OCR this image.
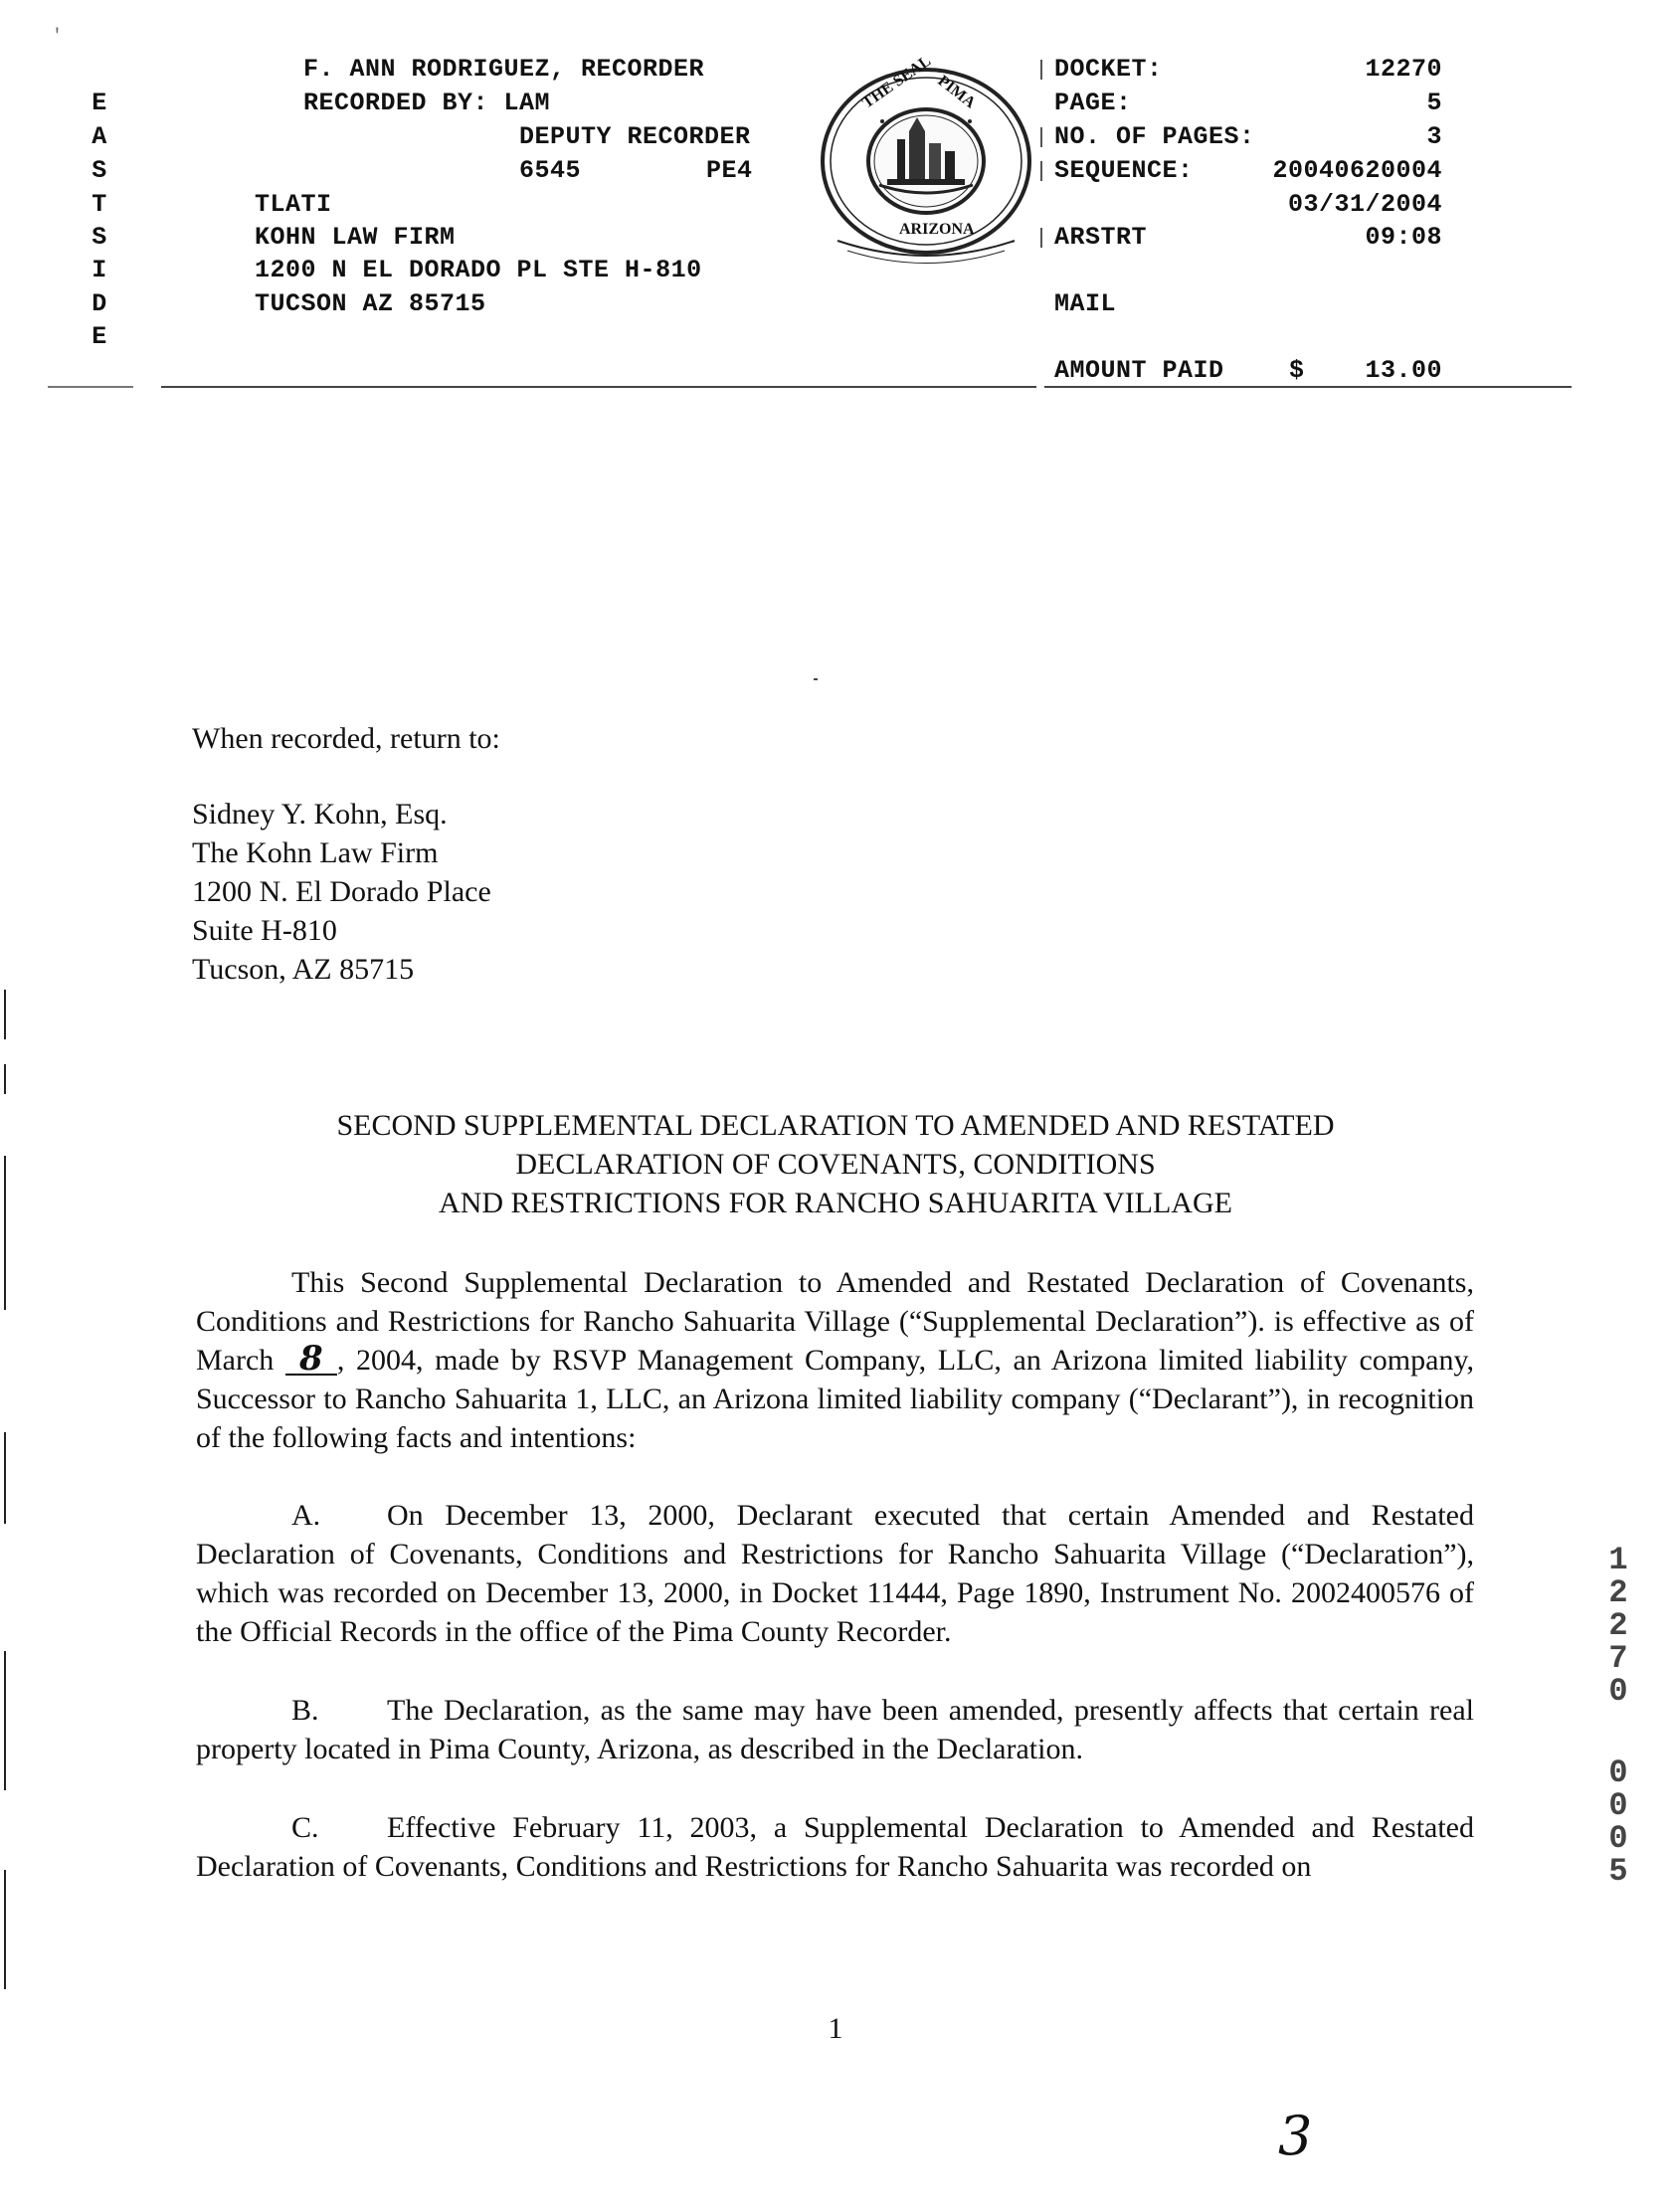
'
E
A
S
T
S
I
D
E
F. ANN RODRIGUEZ, RECORDER
RECORDED BY: LAM
DEPUTY RECORDER
6545	PE4
TLATI
KOHN LAW FIRM
1200 N EL DORADO PL STE H-810
TUCSON AZ 85715
THE SEAL PIMA
ARIZONA
DOCKET:	12270
PAGE:	5
NO. OF PAGES:	3
SEQUENCE:	20040620004
03/31/2004
ARSTRT	09:08
MAIL
AMOUNT PAID	$	13.00
When recorded, return to:
Sidney Y. Kohn, Esq.
The Kohn Law Firm
1200 N. El Dorado Place
Suite H-810
Tucson, AZ 85715
SECOND SUPPLEMENTAL DECLARATION TO AMENDED AND RESTATED
DECLARATION OF COVENANTS, CONDITIONS
AND RESTRICTIONS FOR RANCHO SAHUARITA VILLAGE

This Second Supplemental Declaration to Amended and Restated Declaration of Covenants, Conditions and Restrictions for Rancho Sahuarita Village (“Supplemental Declaration”). is effective as of March 8 , 2004, made by RSVP Management Company, LLC, an Arizona limited liability company, Successor to Rancho Sahuarita 1, LLC, an Arizona limited liability company (“Declarant”), in recognition of the following facts and intentions:

A. On December 13, 2000, Declarant executed that certain Amended and Restated Declaration of Covenants, Conditions and Restrictions for Rancho Sahuarita Village (“Declaration”), which was recorded on December 13, 2000, in Docket 11444, Page 1890, Instrument No. 2002400576 of the Official Records in the office of the Pima County Recorder.

B. The Declaration, as the same may have been amended, presently affects that certain real property located in Pima County, Arizona, as described in the Declaration.

C. Effective February 11, 2003, a Supplemental Declaration to Amended and Restated Declaration of Covenants, Conditions and Restrictions for Rancho Sahuarita was recorded on

1
2
2
7
0
0
0
0
5
1
3
